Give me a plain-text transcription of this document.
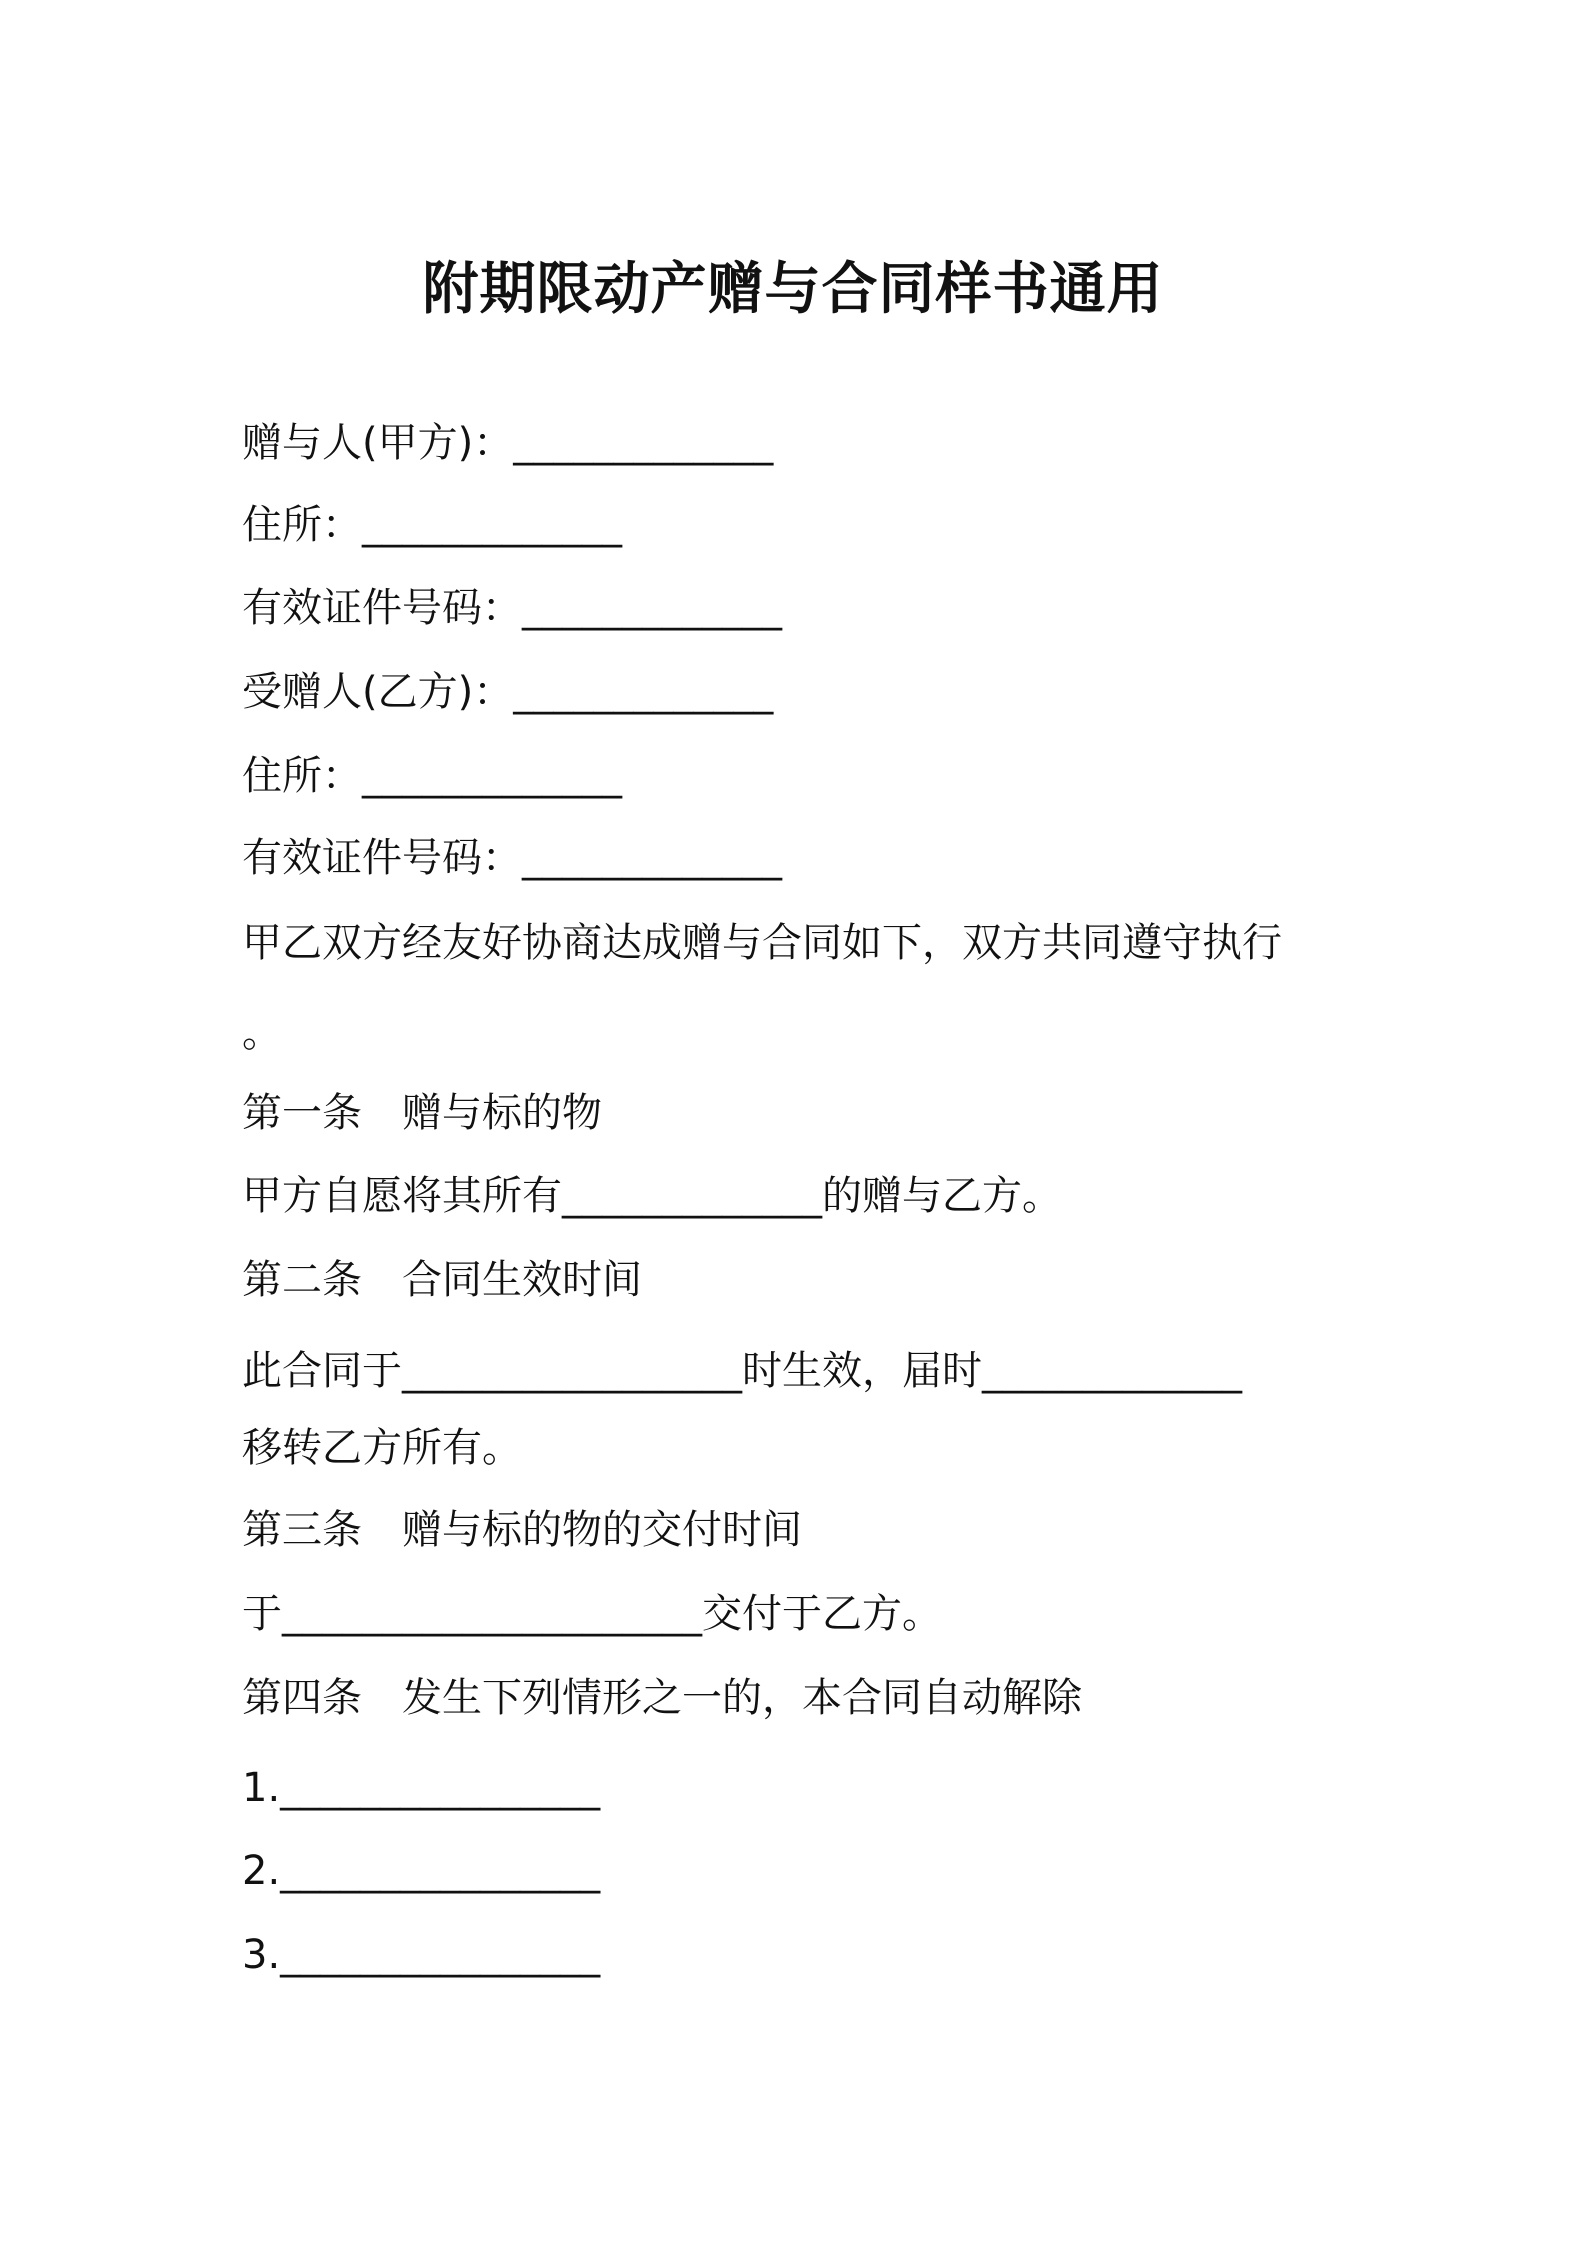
附期限动产赠与合同样书通用
赠与人(甲方)：_____________
住所：_____________
有效证件号码：_____________
受赠人(乙方)：_____________
住所：_____________
有效证件号码：_____________
甲乙双方经友好协商达成赠与合同如下，双方共同遵守执行
。
第一条　赠与标的物
甲方自愿将其所有_____________的赠与乙方。
第二条　合同生效时间
此合同于_________________时生效，届时_____________
移转乙方所有。
第三条　赠与标的物的交付时间
于_____________________交付于乙方。
第四条　发生下列情形之一的，本合同自动解除
1.________________
2.________________
3.________________
